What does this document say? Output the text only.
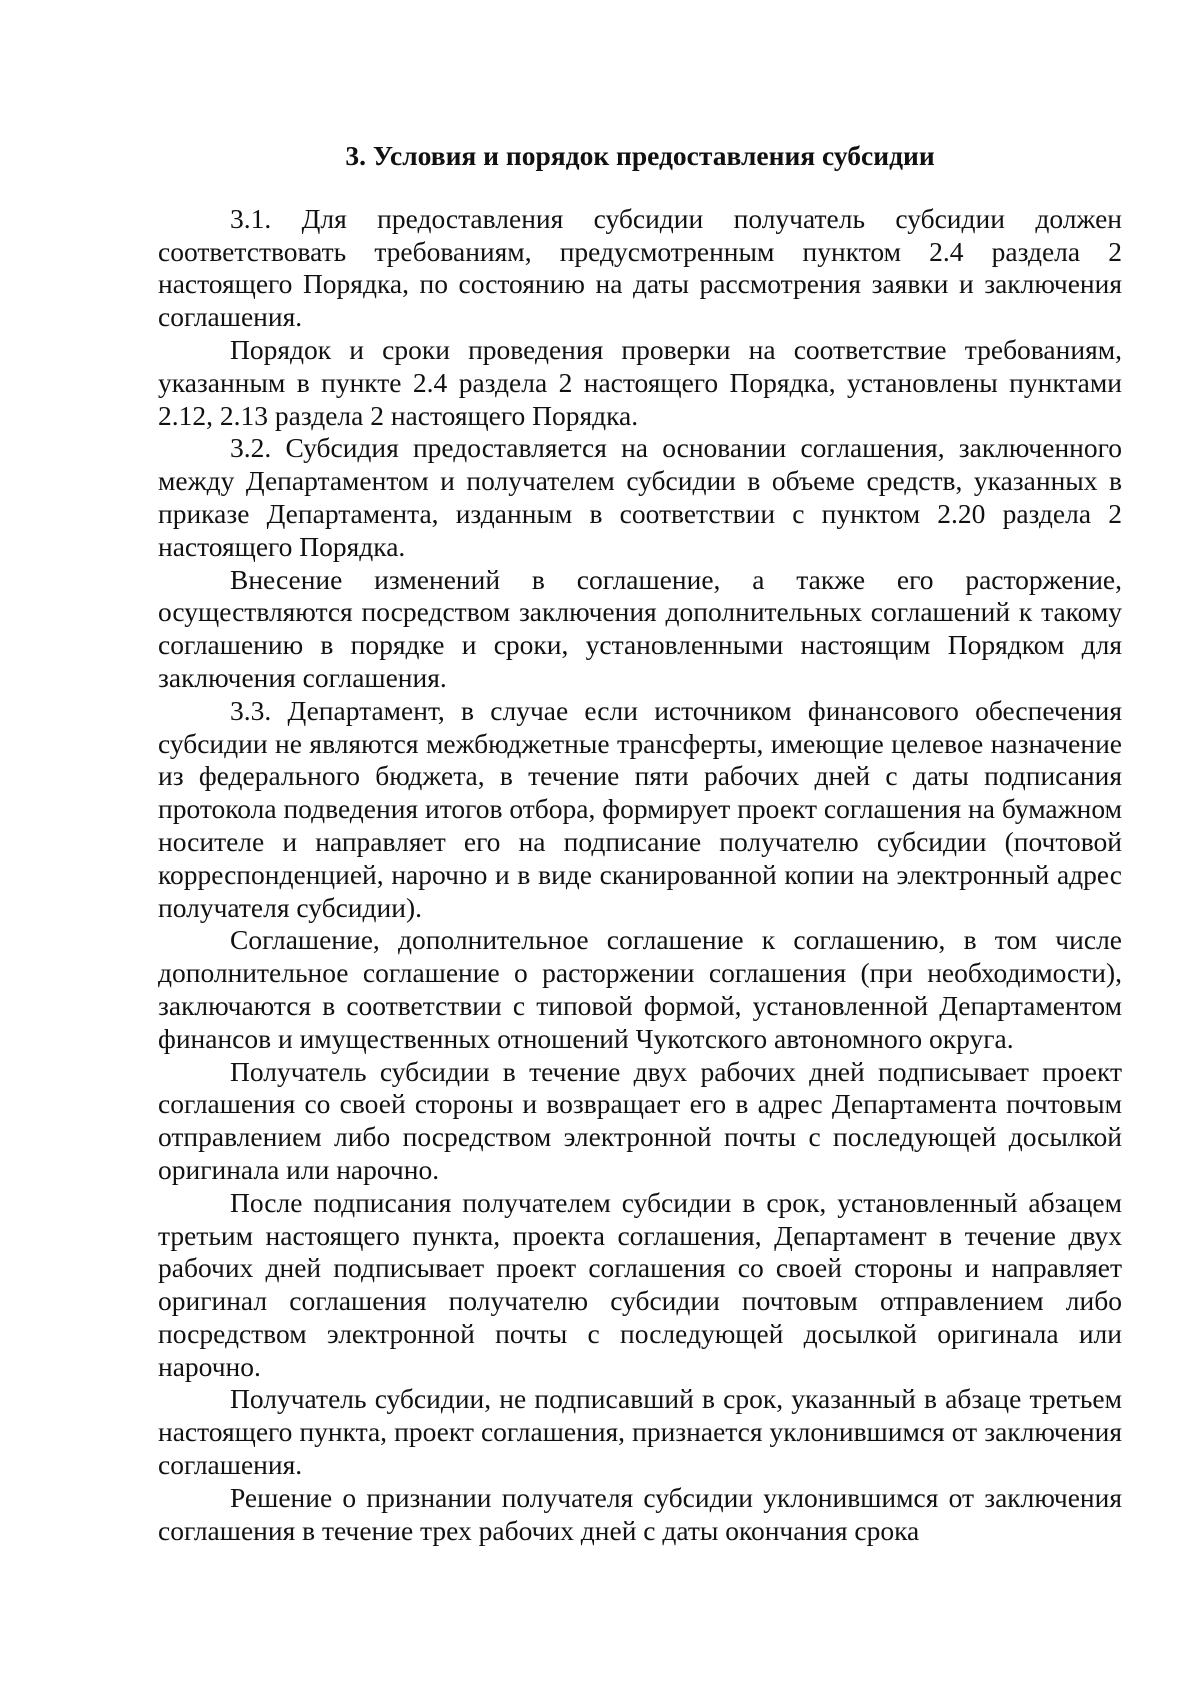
3. Условия и порядок предоставления субсидии

3.1. Для предоставления субсидии получатель субсидии должен соответствовать требованиям, предусмотренным пунктом 2.4 раздела 2 настоящего Порядка, по состоянию на даты рассмотрения заявки и заключения соглашения.

Порядок и сроки проведения проверки на соответствие требованиям, указанным в пункте 2.4 раздела 2 настоящего Порядка, установлены пунктами 2.12, 2.13 раздела 2 настоящего Порядка.

3.2. Субсидия предоставляется на основании соглашения, заключенного между Департаментом и получателем субсидии в объеме средств, указанных в приказе Департамента, изданным в соответствии с пунктом 2.20 раздела 2 настоящего Порядка.

Внесение изменений в соглашение, а также его расторжение, осуществляются посредством заключения дополнительных соглашений к такому соглашению в порядке и сроки, установленными настоящим Порядком для заключения соглашения.

3.3. Департамент, в случае если источником финансового обеспечения субсидии не являются межбюджетные трансферты, имеющие целевое назначение из федерального бюджета, в течение пяти рабочих дней с даты подписания протокола подведения итогов отбора, формирует проект соглашения на бумажном носителе и направляет его на подписание получателю субсидии (почтовой корреспонденцией, нарочно и в виде сканированной копии на электронный адрес получателя субсидии).

Соглашение, дополнительное соглашение к соглашению, в том числе дополнительное соглашение о расторжении соглашения (при необходимости), заключаются в соответствии с типовой формой, установленной Департаментом финансов и имущественных отношений Чукотского автономного округа.

Получатель субсидии в течение двух рабочих дней подписывает проект соглашения со своей стороны и возвращает его в адрес Департамента почтовым отправлением либо посредством электронной почты с последующей досылкой оригинала или нарочно.

После подписания получателем субсидии в срок, установленный абзацем третьим настоящего пункта, проекта соглашения, Департамент в течение двух рабочих дней подписывает проект соглашения со своей стороны и направляет оригинал соглашения получателю субсидии почтовым отправлением либо посредством электронной почты с последующей досылкой оригинала или нарочно.

Получатель субсидии, не подписавший в срок, указанный в абзаце третьем настоящего пункта, проект соглашения, признается уклонившимся от заключения соглашения.

Решение о признании получателя субсидии уклонившимся от заключения соглашения в течение трех рабочих дней с даты окончания срока
